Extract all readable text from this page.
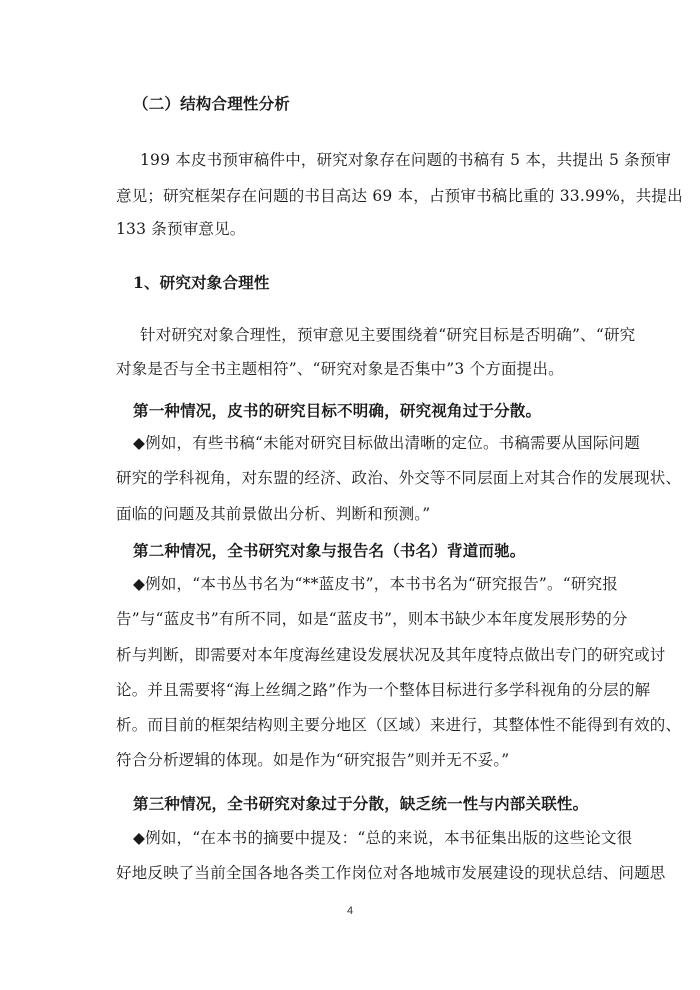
（二）结构合理性分析
199 本皮书预审稿件中，研究对象存在问题的书稿有 5 本，共提出 5 条预审
意见；研究框架存在问题的书目高达 69 本，占预审书稿比重的 33.99%，共提出
133 条预审意见。
1、研究对象合理性
针对研究对象合理性，预审意见主要围绕着“研究目标是否明确”、“研究
对象是否与全书主题相符”、“研究对象是否集中”3 个方面提出。
第一种情况，皮书的研究目标不明确，研究视角过于分散。
◆例如，有些书稿“未能对研究目标做出清晰的定位。书稿需要从国际问题
研究的学科视角，对东盟的经济、政治、外交等不同层面上对其合作的发展现状、
面临的问题及其前景做出分析、判断和预测。”
第二种情况，全书研究对象与报告名（书名）背道而驰。
◆例如，“本书丛书名为“**蓝皮书”，本书书名为“研究报告”。“研究报
告”与“蓝皮书”有所不同，如是“蓝皮书”，则本书缺少本年度发展形势的分
析与判断，即需要对本年度海丝建设发展状况及其年度特点做出专门的研究或讨
论。并且需要将“海上丝绸之路”作为一个整体目标进行多学科视角的分层的解
析。而目前的框架结构则主要分地区（区域）来进行，其整体性不能得到有效的、
符合分析逻辑的体现。如是作为“研究报告”则并无不妥。”
第三种情况，全书研究对象过于分散，缺乏统一性与内部关联性。
◆例如，“在本书的摘要中提及：“总的来说，本书征集出版的这些论文很
好地反映了当前全国各地各类工作岗位对各地城市发展建设的现状总结、问题思
4
